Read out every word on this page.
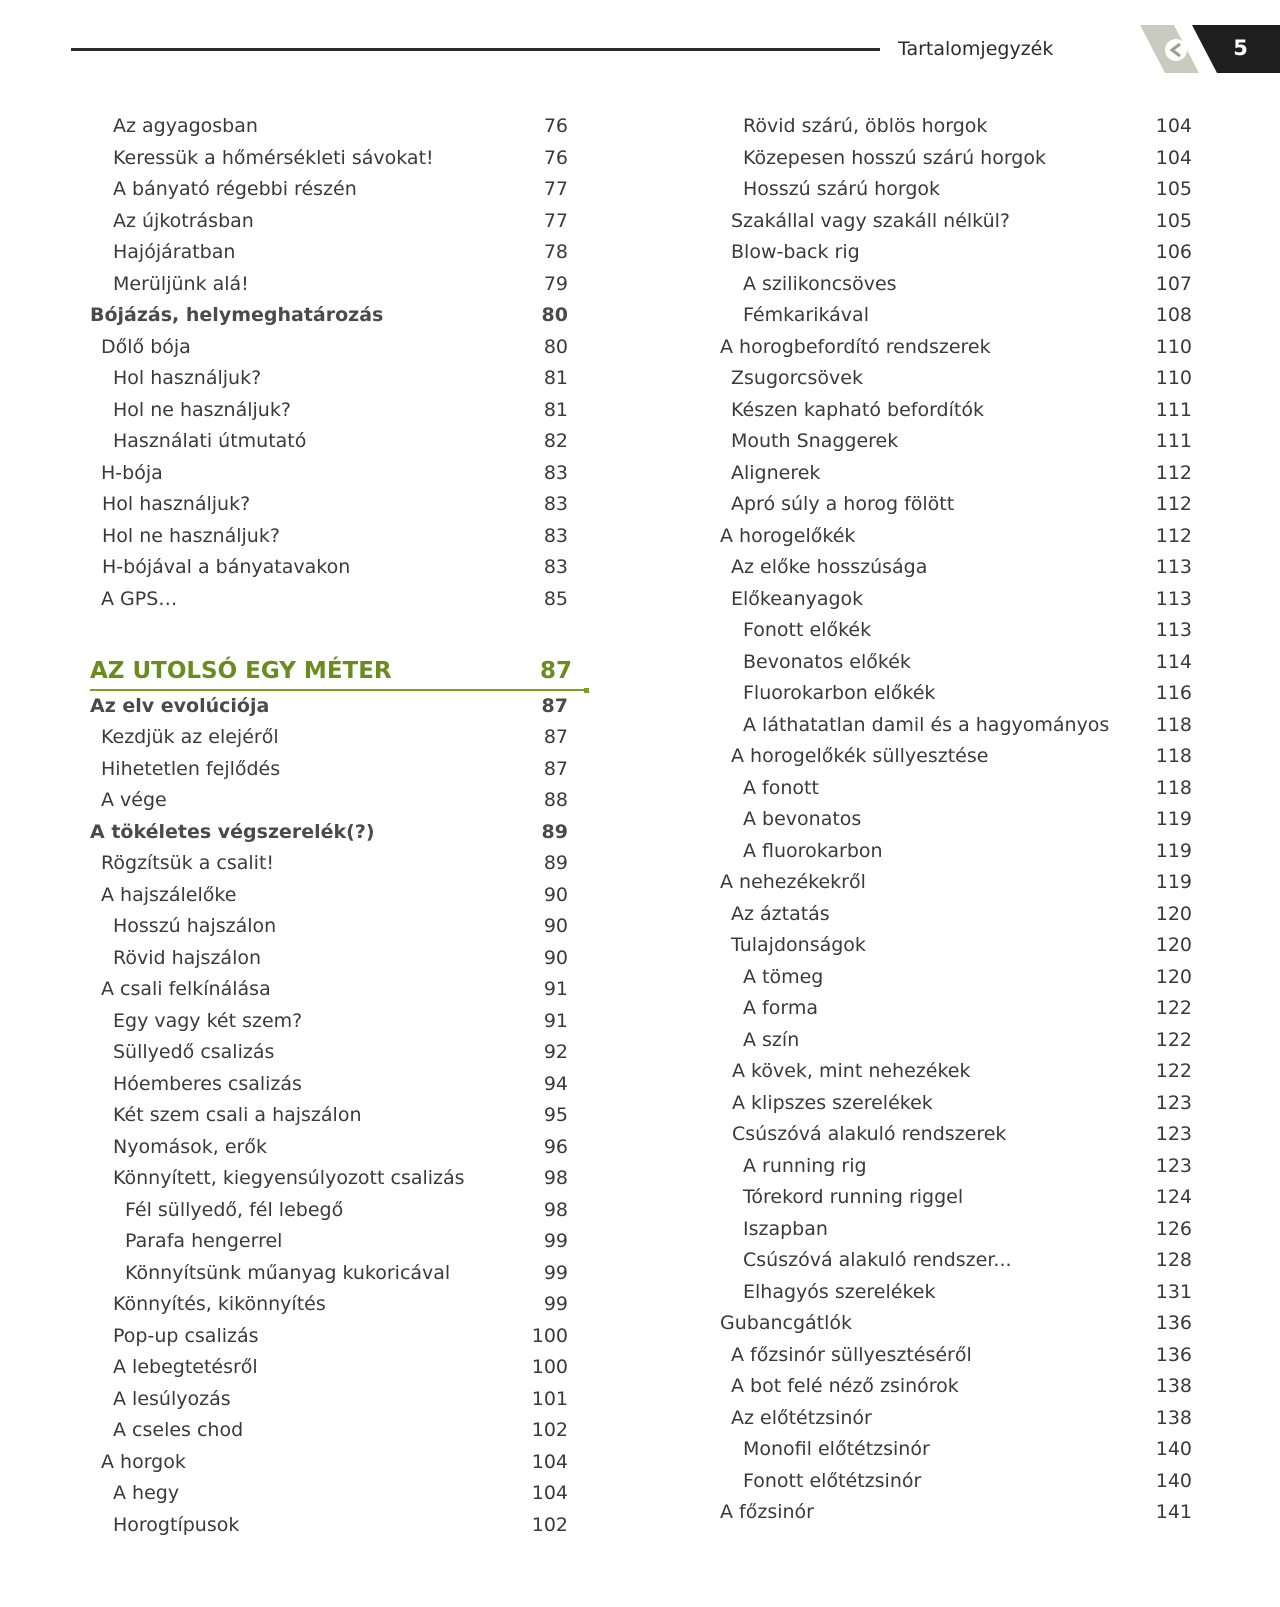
Tartalomjegyzék	5
Az agyagosban	76
Keressük a hőmérsékleti sávokat!	76
A bányató régebbi részén	77
Az újkotrásban	77
Hajójáratban	78
Merüljünk alá!	79
Bójázás, helymeghatározás	80
Dőlő bója	80
Hol használjuk?	81
Hol ne használjuk?	81
Használati útmutató	82
H-bója	83
Hol használjuk?	83
Hol ne használjuk?	83
H-bójával a bányatavakon	83
A GPS…	85
AZ UTOLSÓ EGY MÉTER	87
Az elv evolúciója	87
Kezdjük az elejéről	87
Hihetetlen fejlődés	87
A vége	88
A tökéletes végszerelék(?)	89
Rögzítsük a csalit!	89
A hajszálelőke	90
Hosszú hajszálon	90
Rövid hajszálon	90
A csali felkínálása	91
Egy vagy két szem?	91
Süllyedő csalizás	92
Hóemberes csalizás	94
Két szem csali a hajszálon	95
Nyomások, erők	96
Könnyített, kiegyensúlyozott csalizás	98
Fél süllyedő, fél lebegő	98
Parafa hengerrel	99
Könnyítsünk műanyag kukoricával	99
Könnyítés, kikönnyítés	99
Pop-up csalizás	100
A lebegtetésről	100
A lesúlyozás	101
A cseles chod	102
A horgok	104
A hegy	104
Horogtípusok	102
Rövid szárú, öblös horgok	104
Közepesen hosszú szárú horgok	104
Hosszú szárú horgok	105
Szakállal vagy szakáll nélkül?	105
Blow-back rig	106
A szilikoncsöves	107
Fémkarikával	108
A horogbefordító rendszerek	110
Zsugorcsövek	110
Készen kapható befordítók	111
Mouth Snaggerek	111
Alignerek	112
Apró súly a horog fölött	112
A horogelőkék	112
Az előke hosszúsága	113
Előkeanyagok	113
Fonott előkék	113
Bevonatos előkék	114
Fluorokarbon előkék	116
A láthatatlan damil és a hagyományos 118
A horogelőkék süllyesztése	118
A fonott	118
A bevonatos	119
A fluorokarbon	119
A nehezékekről	119
Az áztatás	120
Tulajdonságok	120
A tömeg	120
A forma	122
A szín	122
A kövek, mint nehezékek	122
A klipszes szerelékek	123
Csúszóvá alakuló rendszerek	123
A running rig	123
Tórekord running riggel	124
Iszapban	126
Csúszóvá alakuló rendszer...	128
Elhagyós szerelékek	131
Gubancgátlók	136
A főzsinór süllyesztéséről	136
A bot felé néző zsinórok	138
Az előtétzsinór	138
Monofil előtétzsinór	140
Fonott előtétzsinór	140
A főzsinór	141
